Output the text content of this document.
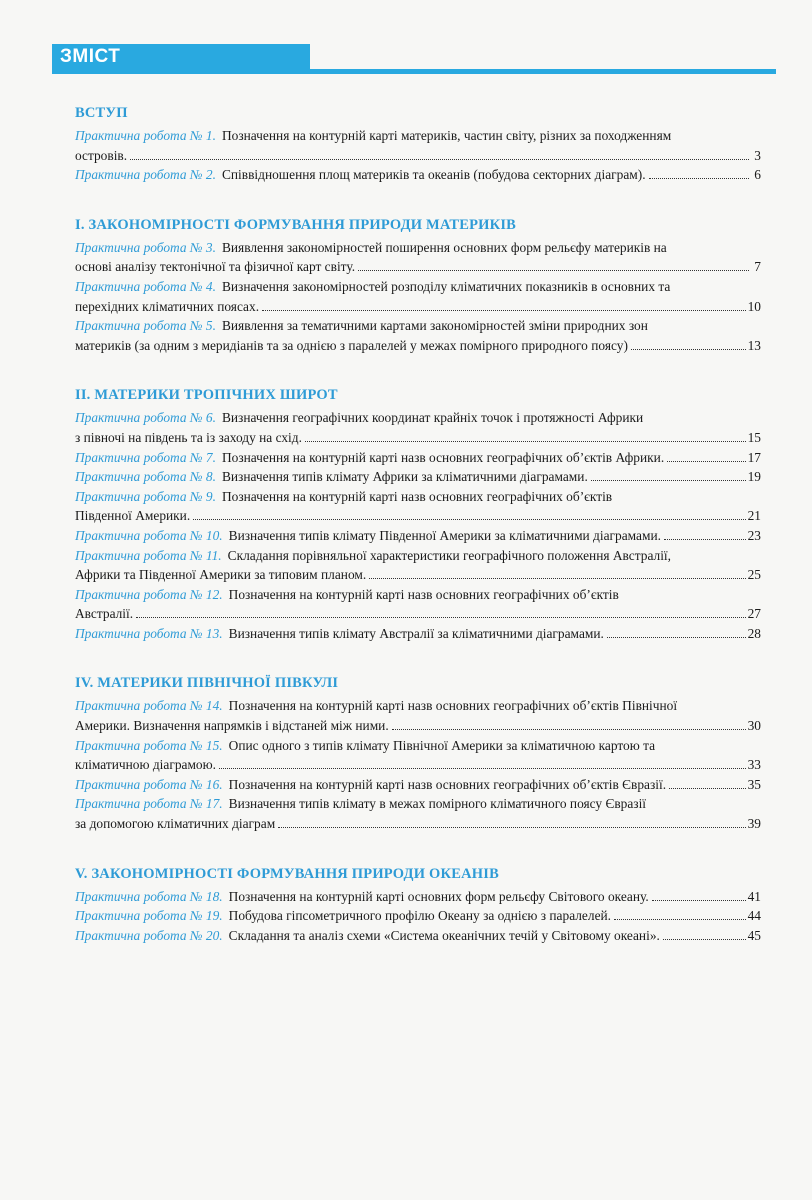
ЗМІСТ
ВСТУП
Практична робота № 1. Позначення на контурній карті материків, частин світу, різних за походженням
островів.	3
Практична робота № 2. Співвідношення площ материків та океанів (побудова секторних діаграм).	6
I. ЗАКОНОМІРНОСТІ ФОРМУВАННЯ ПРИРОДИ МАТЕРИКІВ
Практична робота № 3. Виявлення закономірностей поширення основних форм рельєфу материків на
основі аналізу тектонічної та фізичної карт світу.	7
Практична робота № 4. Визначення закономірностей розподілу кліматичних показників в основних та
перехідних кліматичних поясах.	10
Практична робота № 5. Виявлення за тематичними картами закономірностей зміни природних зон
материків (за одним з меридіанів та за однією з паралелей у межах помірного природного поясу)	13
II. МАТЕРИКИ ТРОПІЧНИХ ШИРОТ
Практична робота № 6. Визначення географічних координат крайніх точок і протяжності Африки
з півночі на південь та із заходу на схід.	15
Практична робота № 7. Позначення на контурній карті назв основних географічних об’єктів Африки.	17
Практична робота № 8. Визначення типів клімату Африки за кліматичними діаграмами.	19
Практична робота № 9. Позначення на контурній карті назв основних географічних об’єктів
Південної Америки.	21
Практична робота № 10. Визначення типів клімату Південної Америки за кліматичними діаграмами.	23
Практична робота № 11. Складання порівняльної характеристики географічного положення Австралії,
Африки та Південної Америки за типовим планом.	25
Практична робота № 12. Позначення на контурній карті назв основних географічних об’єктів
Австралії.	27
Практична робота № 13. Визначення типів клімату Австралії за кліматичними діаграмами.	28
IV. МАТЕРИКИ ПІВНІЧНОЇ ПІВКУЛІ
Практична робота № 14. Позначення на контурній карті назв основних географічних об’єктів Північної
Америки. Визначення напрямків і відстаней між ними.	30
Практична робота № 15. Опис одного з типів клімату Північної Америки за кліматичною картою та
кліматичною діаграмою.	33
Практична робота № 16. Позначення на контурній карті назв основних географічних об’єктів Євразії.	35
Практична робота № 17. Визначення типів клімату в межах помірного кліматичного поясу Євразії
за допомогою кліматичних діаграм	39
V. ЗАКОНОМІРНОСТІ ФОРМУВАННЯ ПРИРОДИ ОКЕАНІВ
Практична робота № 18. Позначення на контурній карті основних форм рельєфу Світового океану.	41
Практична робота № 19. Побудова гіпсометричного профілю Океану за однією з паралелей.	44
Практична робота № 20. Складання та аналіз схеми «Система океанічних течій у Світовому океані».	45
